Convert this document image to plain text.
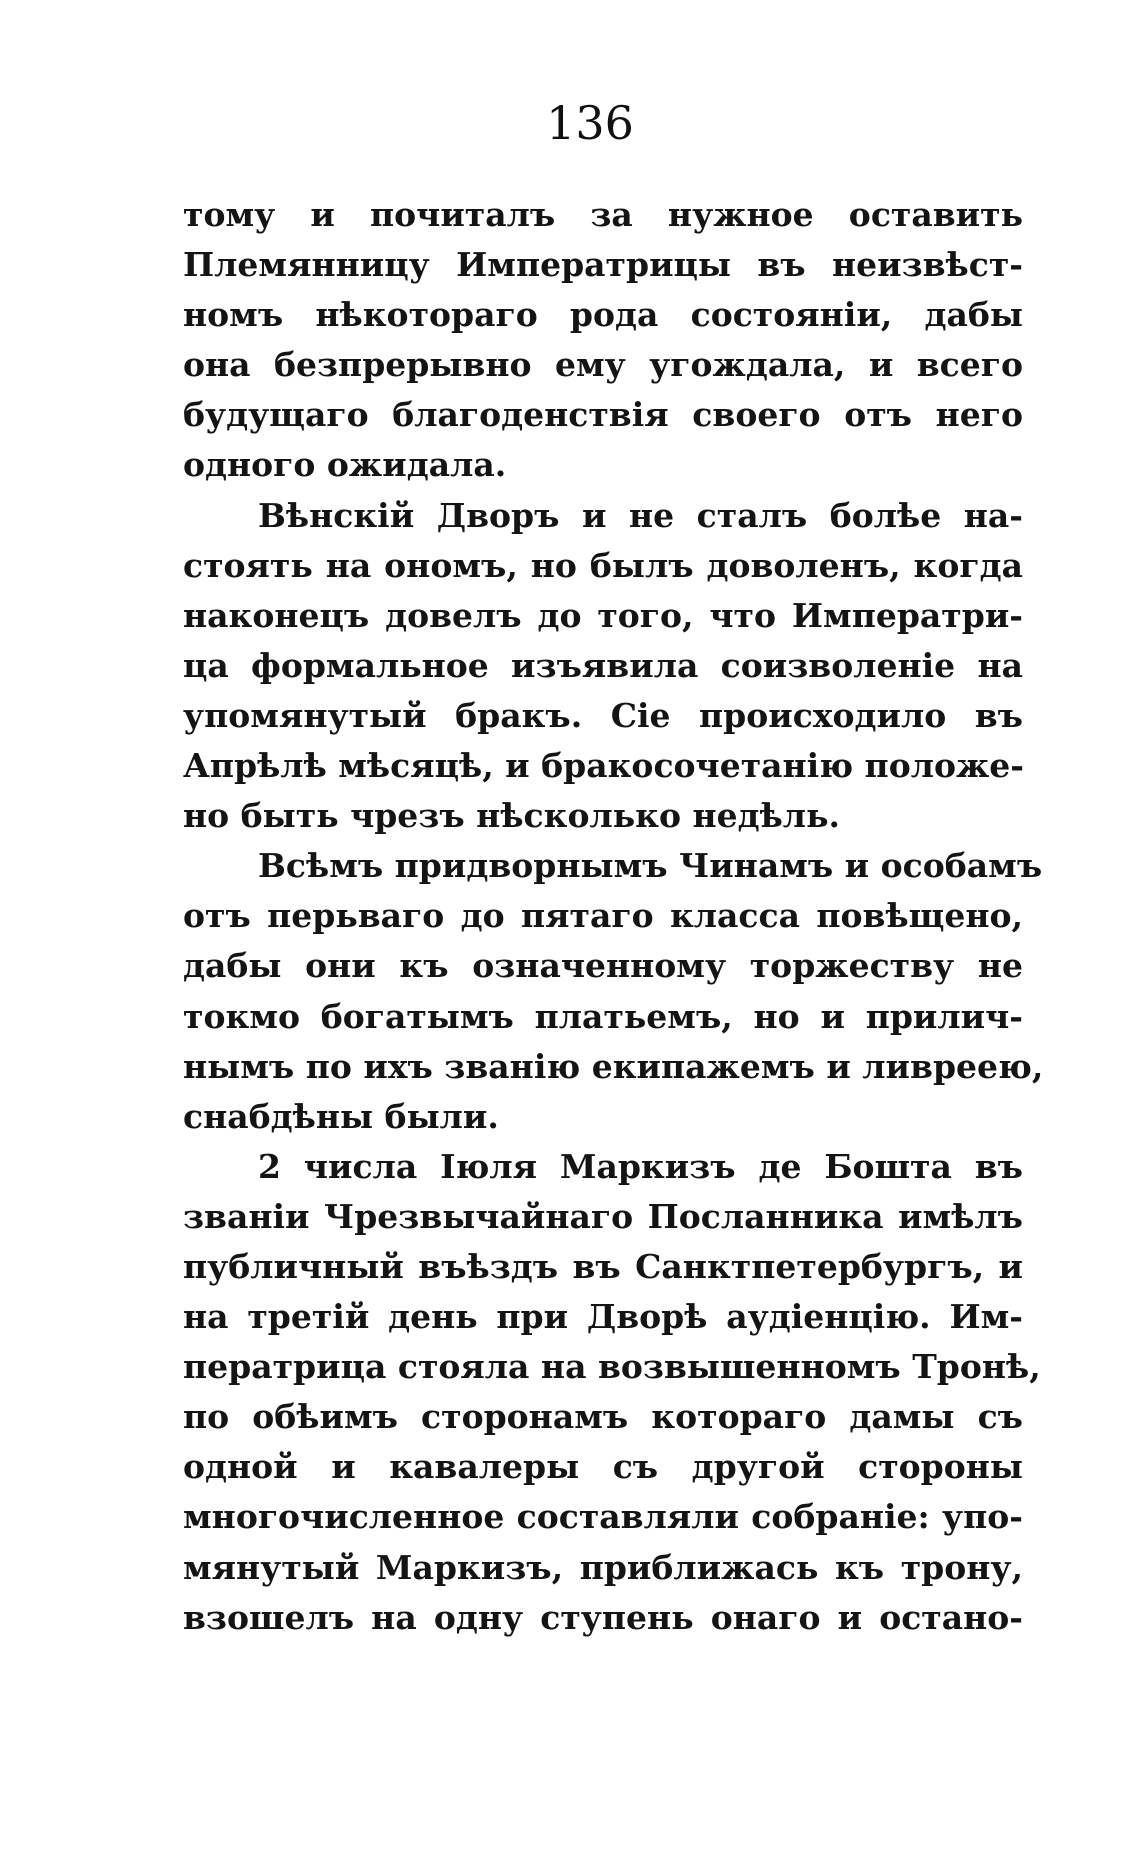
136
тому и почиталъ за нужное оставить
Племянницу Императрицы въ неизвѣст-
номъ нѣкотораго рода состояніи, дабы
она безпрерывно ему угождала, и всего
будущаго благоденствія своего отъ него
одного ожидала.
Вѣнскій Дворъ и не сталъ болѣе на-
стоять на ономъ, но былъ доволенъ, когда
наконецъ довелъ до того, что Императри-
ца формальное изъявила соизволеніе на
упомянутый бракъ. Сіе происходило въ
Апрѣлѣ мѣсяцѣ, и бракосочетанію положе-
но быть чрезъ нѣсколько недѣль.
Всѣмъ придворнымъ Чинамъ и особамъ
отъ перьваго до пятаго класса повѣщено,
дабы они къ означенному торжеству не
токмо богатымъ платьемъ, но и прилич-
нымъ по ихъ званію екипажемъ и ливреею,
снабдѣны были.
2 числа Іюля Маркизъ де Бошта въ
званіи Чрезвычайнаго Посланника имѣлъ
публичный въѣздъ въ Санктпетербургъ, и
на третій день при Дворѣ аудіенцію. Им-
ператрица стояла на возвышенномъ Тронѣ,
по обѣимъ сторонамъ котораго дамы съ
одной и кавалеры съ другой стороны
многочисленное составляли собраніе: упо-
мянутый Маркизъ, приближась къ трону,
взошелъ на одну ступень онаго и остано-
